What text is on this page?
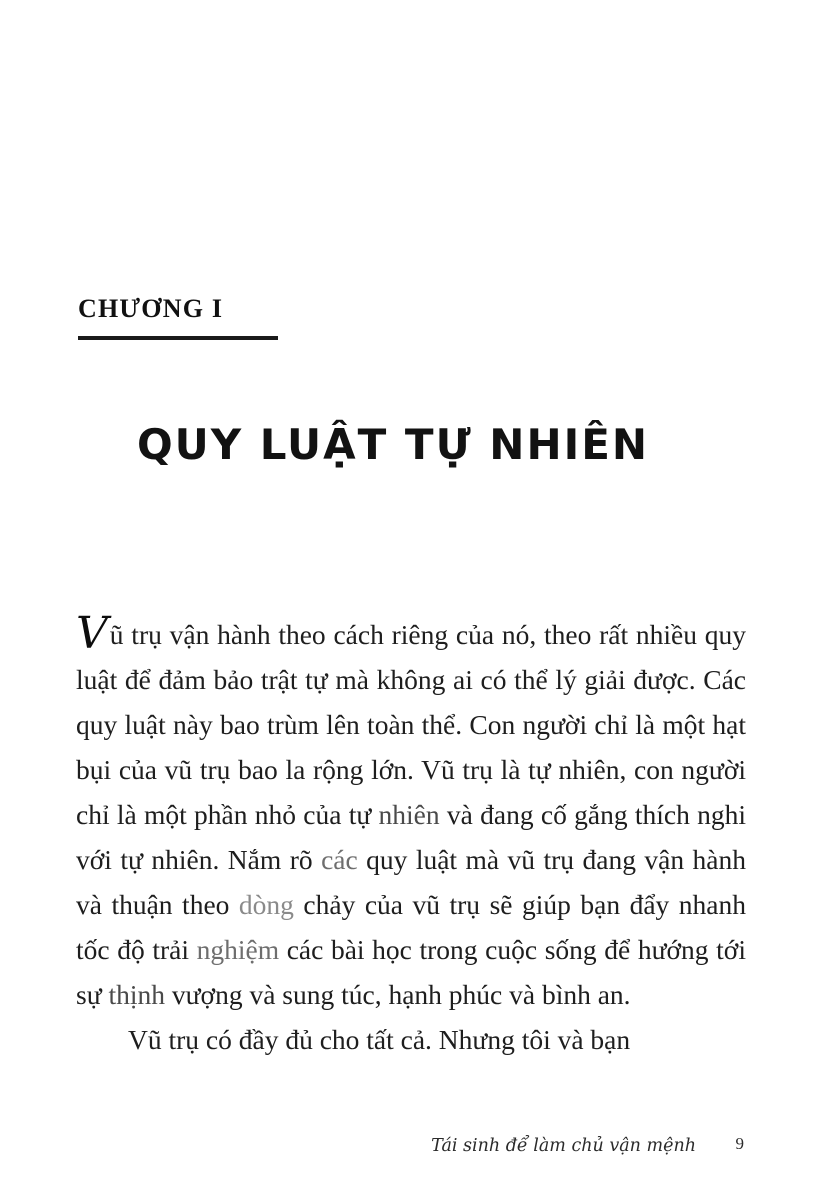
CHƯƠNG I
QUY LUẬT TỰ NHIÊN

Vũ trụ vận hành theo cách riêng của nó, theo rất nhiều quy luật để đảm bảo trật tự mà không ai có thể lý giải được. Các quy luật này bao trùm lên toàn thể. Con người chỉ là một hạt bụi của vũ trụ bao la rộng lớn. Vũ trụ là tự nhiên, con người chỉ là một phần nhỏ của tự nhiên và đang cố gắng thích nghi với tự nhiên. Nắm rõ các quy luật mà vũ trụ đang vận hành và thuận theo dòng chảy của vũ trụ sẽ giúp bạn đẩy nhanh tốc độ trải nghiệm các bài học trong cuộc sống để hướng tới sự thịnh vượng và sung túc, hạnh phúc và bình an.

Vũ trụ có đầy đủ cho tất cả. Nhưng tôi và bạn

Tái sinh để làm chủ vận mệnh 9
